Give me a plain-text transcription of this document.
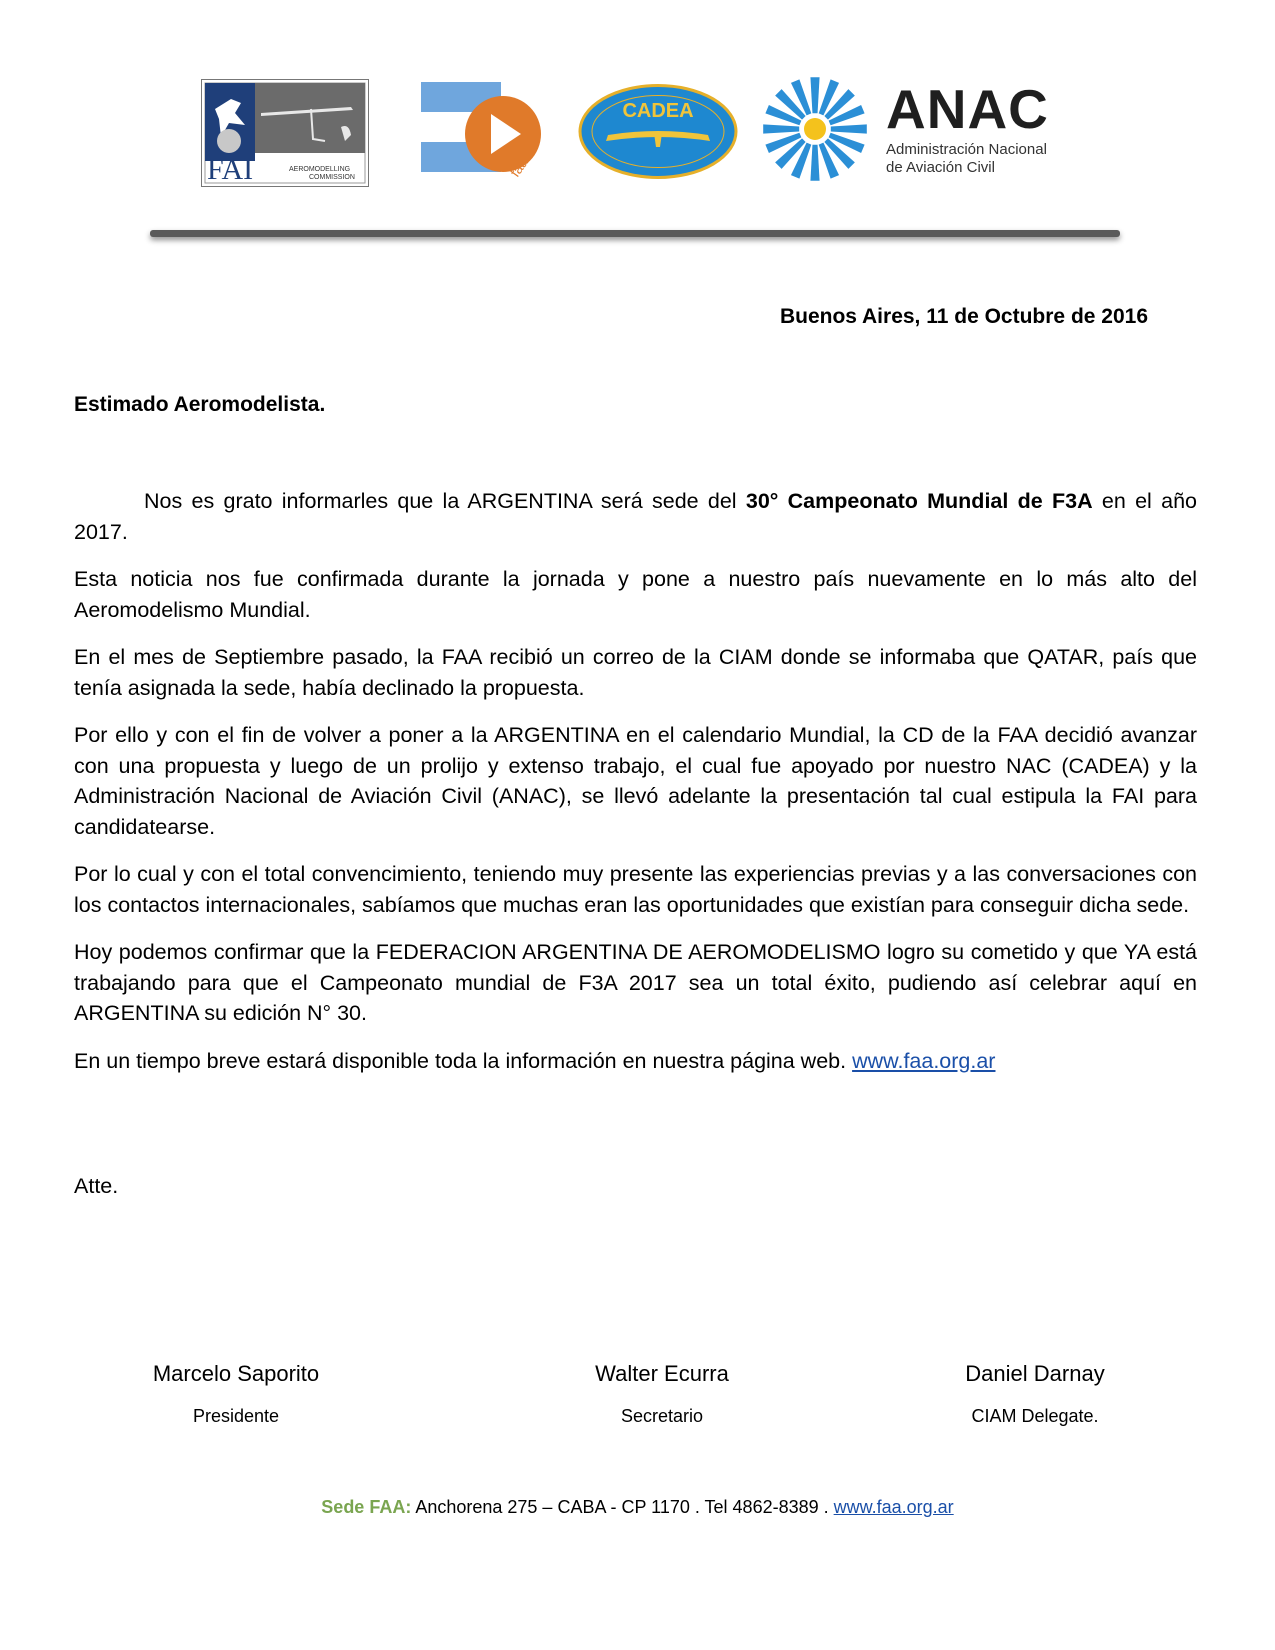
FAI	AEROMODELLING
COMMISSION	faa
CADEA	ANAC
Administración Nacional
de Aviación Civil
Buenos Aires, 11 de Octubre de 2016
Estimado Aeromodelista.

Nos es grato informarles que la ARGENTINA será sede del 30° Campeonato Mundial de F3A en el año 2017.

Esta noticia nos fue confirmada durante la jornada y pone a nuestro país nuevamente en lo más alto del Aeromodelismo Mundial.

En el mes de Septiembre pasado, la FAA recibió un correo de la CIAM donde se informaba que QATAR, país que tenía asignada la sede, había declinado la propuesta.

Por ello y con el fin de volver a poner a la ARGENTINA en el calendario Mundial, la CD de la FAA decidió avanzar con una propuesta y luego de un prolijo y extenso trabajo, el cual fue apoyado por nuestro NAC (CADEA) y la Administración Nacional de Aviación Civil (ANAC), se llevó adelante la presentación tal cual estipula la FAI para candidatearse.

Por lo cual y con el total convencimiento, teniendo muy presente las experiencias previas y a las conversaciones con los contactos internacionales, sabíamos que muchas eran las oportunidades que existían para conseguir dicha sede.

Hoy podemos confirmar que la FEDERACION ARGENTINA DE AEROMODELISMO logro su cometido y que YA está trabajando para que el Campeonato mundial de F3A 2017 sea un total éxito, pudiendo así celebrar aquí en ARGENTINA su edición N° 30.

En un tiempo breve estará disponible toda la información en nuestra página web. www.faa.org.ar

Atte.
Marcelo Saporito
Presidente
Walter Ecurra
Secretario
Daniel Darnay
CIAM Delegate.
Sede FAA: Anchorena 275 – CABA - CP 1170 . Tel 4862-8389 . www.faa.org.ar
